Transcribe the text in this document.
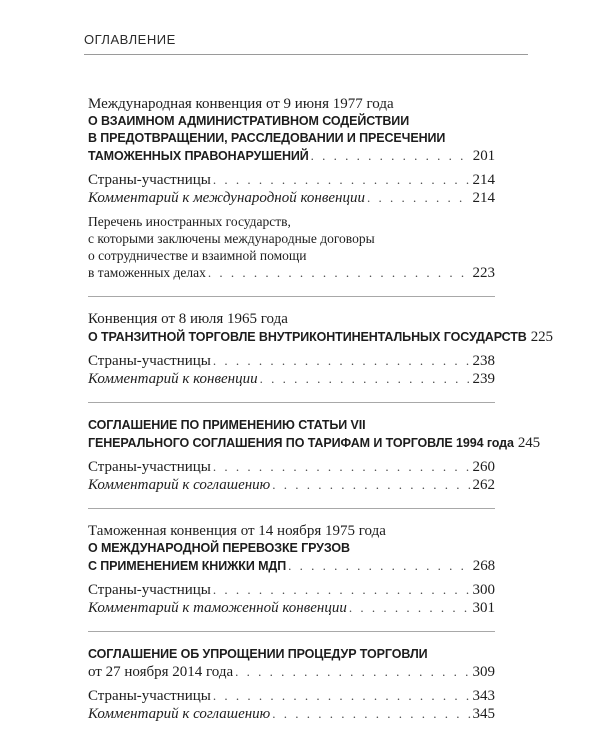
ОГЛАВЛЕНИЕ
Международная конвенция от 9 июня 1977 года
О ВЗАИМНОМ АДМИНИСТРАТИВНОМ СОДЕЙСТВИИ
В ПРЕДОТВРАЩЕНИИ, РАССЛЕДОВАНИИ И ПРЕСЕЧЕНИИ
ТАМОЖЕННЫХ ПРАВОНАРУШЕНИЙ . . .	201
Страны-участницы . . .	214
Комментарий к международной конвенции . . .	214
Перечень иностранных государств,
с которыми заключены международные договоры
о сотрудничестве и взаимной помощи
в таможенных делах . . .	223
Конвенция от 8 июля 1965 года
О ТРАНЗИТНОЙ ТОРГОВЛЕ ВНУТРИКОНТИНЕНТАЛЬНЫХ ГОСУДАРСТВ 225
Страны-участницы . . .	238
Комментарий к конвенции . . .	239
СОГЛАШЕНИЕ ПО ПРИМЕНЕНИЮ СТАТЬИ VII
ГЕНЕРАЛЬНОГО СОГЛАШЕНИЯ ПО ТАРИФАМ И ТОРГОВЛЕ 1994 года 245
Страны-участницы . . .	260
Комментарий к соглашению . . .	262
Таможенная конвенция от 14 ноября 1975 года
О МЕЖДУНАРОДНОЙ ПЕРЕВОЗКЕ ГРУЗОВ
С ПРИМЕНЕНИЕМ КНИЖКИ МДП . . .	268
Страны-участницы . . .	300
Комментарий к таможенной конвенции . . .	301
СОГЛАШЕНИЕ ОБ УПРОЩЕНИИ ПРОЦЕДУР ТОРГОВЛИ
от 27 ноября 2014 года . . .	309
Страны-участницы . . .	343
Комментарий к соглашению . . .	345
